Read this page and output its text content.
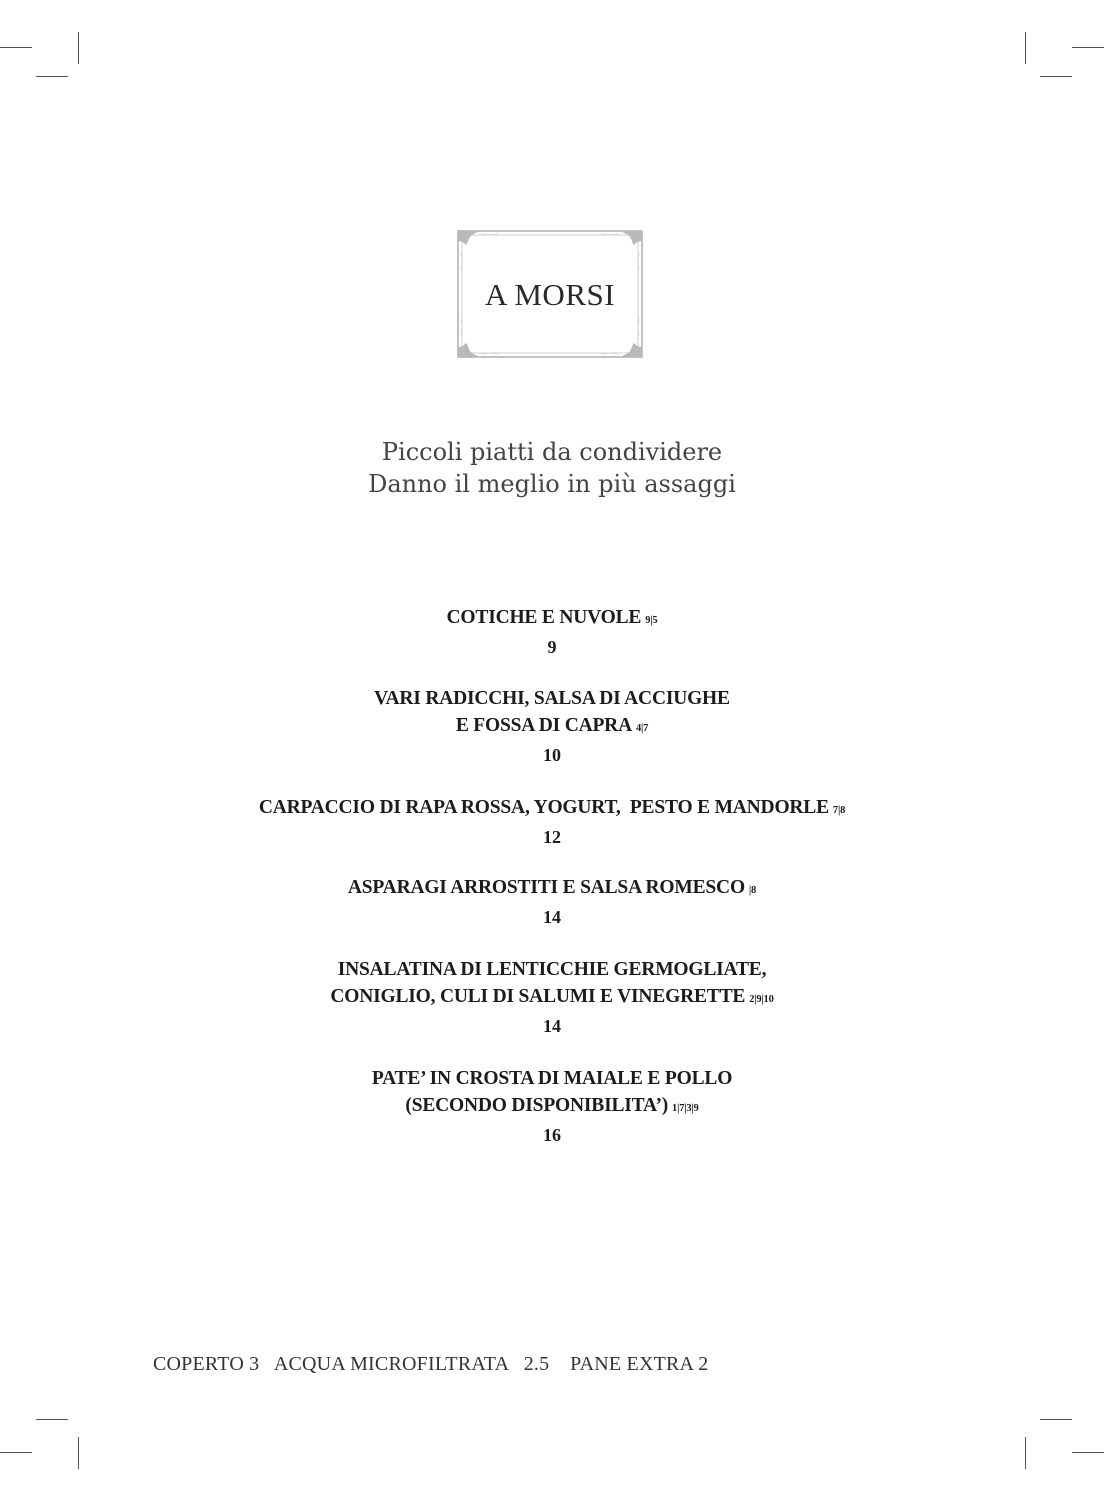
A MORSI
Piccoli piatti da condividere
Danno il meglio in più assaggi
COTICHE E NUVOLE 9|5
9
VARI RADICCHI, SALSA DI ACCIUGHE
E FOSSA DI CAPRA 4|7
10
CARPACCIO DI RAPA ROSSA, YOGURT,  PESTO E MANDORLE 7|8
12
ASPARAGI ARROSTITI E SALSA ROMESCO |8
14
INSALATINA DI LENTICCHIE GERMOGLIATE,
CONIGLIO, CULI DI SALUMI E VINEGRETTE 2|9|10
14
PATE’ IN CROSTA DI MAIALE E POLLO
(SECONDO DISPONIBILITA’) 1|7|3|9
16
COPERTO 3   ACQUA MICROFILTRATA   2.5    PANE EXTRA 2
